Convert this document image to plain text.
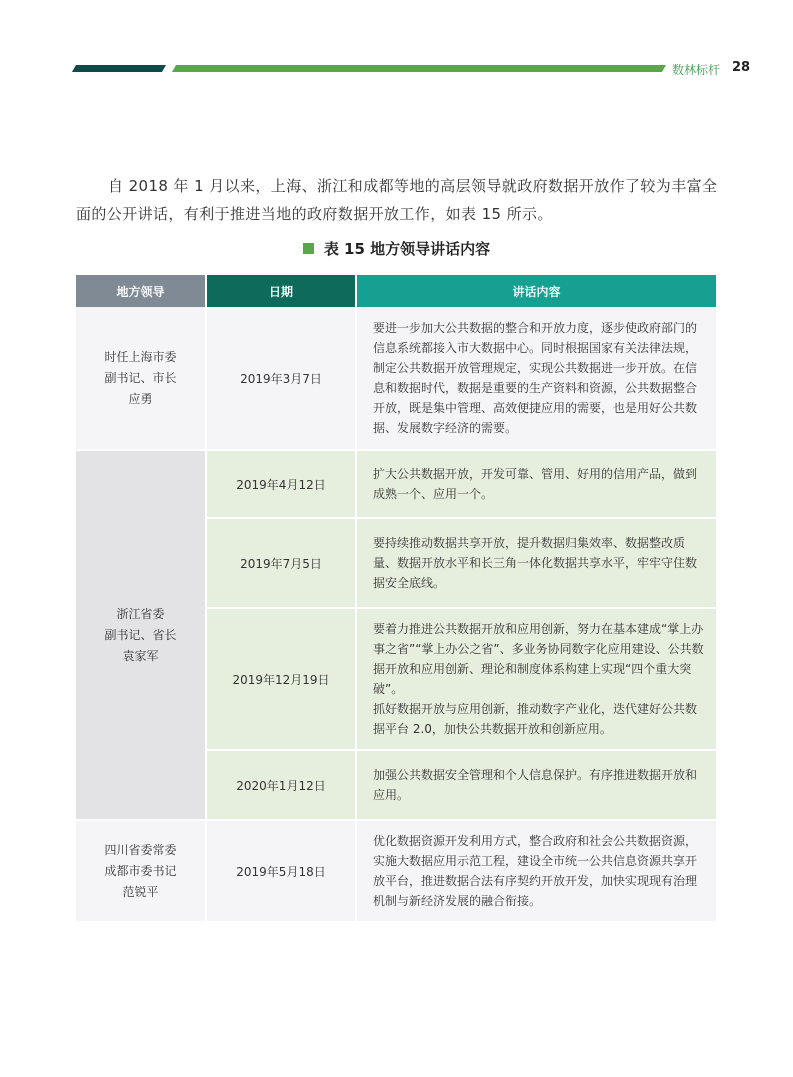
数林标杆 28
自 2018 年 1 月以来，上海、浙江和成都等地的高层领导就政府数据开放作了较为丰富全面的公开讲话，有利于推进当地的政府数据开放工作，如表 15 所示。
表 15 地方领导讲话内容
地方领导	日期	讲话内容

时任上海市委
副书记、市长
应勇	2019年3月7日	要进一步加大公共数据的整合和开放力度，逐步使政府部门的信息系统都接入市大数据中心。同时根据国家有关法律法规，制定公共数据开放管理规定，实现公共数据进一步开放。在信息和数据时代，数据是重要的生产资料和资源，公共数据整合开放，既是集中管理、高效便捷应用的需要，也是用好公共数据、发展数字经济的需要。

浙江省委
副书记、省长
袁家军	2019年4月12日	扩大公共数据开放，开发可靠、管用、好用的信用产品，做到成熟一个、应用一个。
	2019年7月5日	要持续推动数据共享开放，提升数据归集效率、数据整改质量、数据开放水平和长三角一体化数据共享水平，牢牢守住数据安全底线。
	2019年12月19日	要着力推进公共数据开放和应用创新，努力在基本建成“掌上办事之省”“掌上办公之省”、多业务协同数字化应用建设、公共数据开放和应用创新、理论和制度体系构建上实现“四个重大突破”。
抓好数据开放与应用创新，推动数字产业化，迭代建好公共数据平台 2.0，加快公共数据开放和创新应用。

	2020年1月12日	加强公共数据安全管理和个人信息保护。有序推进数据开放和应用。

四川省委常委
成都市委书记
范锐平	2019年5月18日	优化数据资源开发利用方式，整合政府和社会公共数据资源，实施大数据应用示范工程，建设全市统一公共信息资源共享开放平台，推进数据合法有序契约开放开发，加快实现现有治理机制与新经济发展的融合衔接。
